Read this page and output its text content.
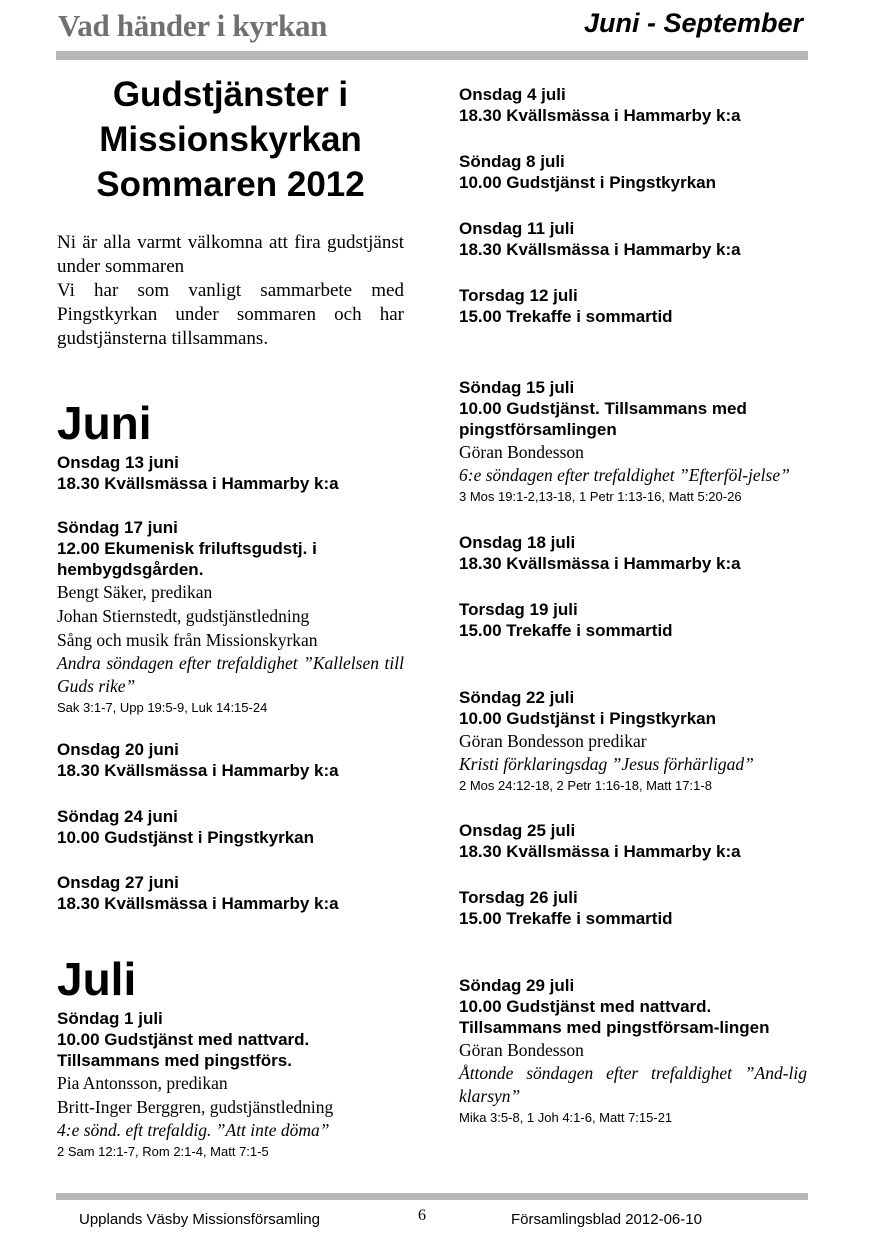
Vad händer i kyrkan	Juni - September
Gudstjänster i
Missionskyrkan
Sommaren 2012

Ni är alla varmt välkomna att fira gudstjänst under sommaren
Vi har som vanligt sammarbete med Pingstkyrkan under sommaren och har gudstjänsterna tillsammans.

Juni
Onsdag 13 juni
18.30 Kvällsmässa i Hammarby k:a
Söndag 17 juni
12.00 Ekumenisk friluftsgudstj. i hembygdsgården.
Bengt Säker, predikan
Johan Stiernstedt, gudstjänstledning
Sång och musik från Missionskyrkan
Andra söndagen efter trefaldighet ”Kallelsen till Guds rike”
Sak 3:1-7, Upp 19:5-9, Luk 14:15-24
Onsdag 20 juni
18.30 Kvällsmässa i Hammarby k:a
Söndag 24 juni
10.00 Gudstjänst i Pingstkyrkan
Onsdag 27 juni
18.30 Kvällsmässa i Hammarby k:a
Juli
Söndag 1 juli
10.00 Gudstjänst med nattvard.
Tillsammans med pingstförs.
Pia Antonsson, predikan
Britt-Inger Berggren, gudstjänstledning
4:e sönd. eft trefaldig. ”Att inte döma”
2 Sam 12:1-7, Rom 2:1-4, Matt 7:1-5
Onsdag 4 juli
18.30 Kvällsmässa i Hammarby k:a
Söndag 8 juli
10.00 Gudstjänst i Pingstkyrkan
Onsdag 11 juli
18.30 Kvällsmässa i Hammarby k:a
Torsdag 12 juli
15.00 Trekaffe i sommartid
Söndag 15 juli
10.00 Gudstjänst. Tillsammans med pingstförsamlingen
Göran Bondesson
6:e söndagen efter trefaldighet ”Efterföl-jelse”
3 Mos 19:1-2,13-18, 1 Petr 1:13-16, Matt 5:20-26
Onsdag 18 juli
18.30 Kvällsmässa i Hammarby k:a
Torsdag 19 juli
15.00 Trekaffe i sommartid
Söndag 22 juli
10.00 Gudstjänst i Pingstkyrkan
Göran Bondesson predikar
Kristi förklaringsdag ”Jesus förhärligad”
2 Mos 24:12-18, 2 Petr 1:16-18, Matt 17:1-8
Onsdag 25 juli
18.30 Kvällsmässa i Hammarby k:a
Torsdag 26 juli
15.00 Trekaffe i sommartid
Söndag 29 juli
10.00 Gudstjänst med nattvard.
Tillsammans med pingstförsam-lingen
Göran Bondesson
Åttonde söndagen efter trefaldighet ”And-lig klarsyn”
Mika 3:5-8, 1 Joh 4:1-6, Matt 7:15-21
Upplands Väsby Missionsförsamling	6	Församlingsblad 2012-06-10
